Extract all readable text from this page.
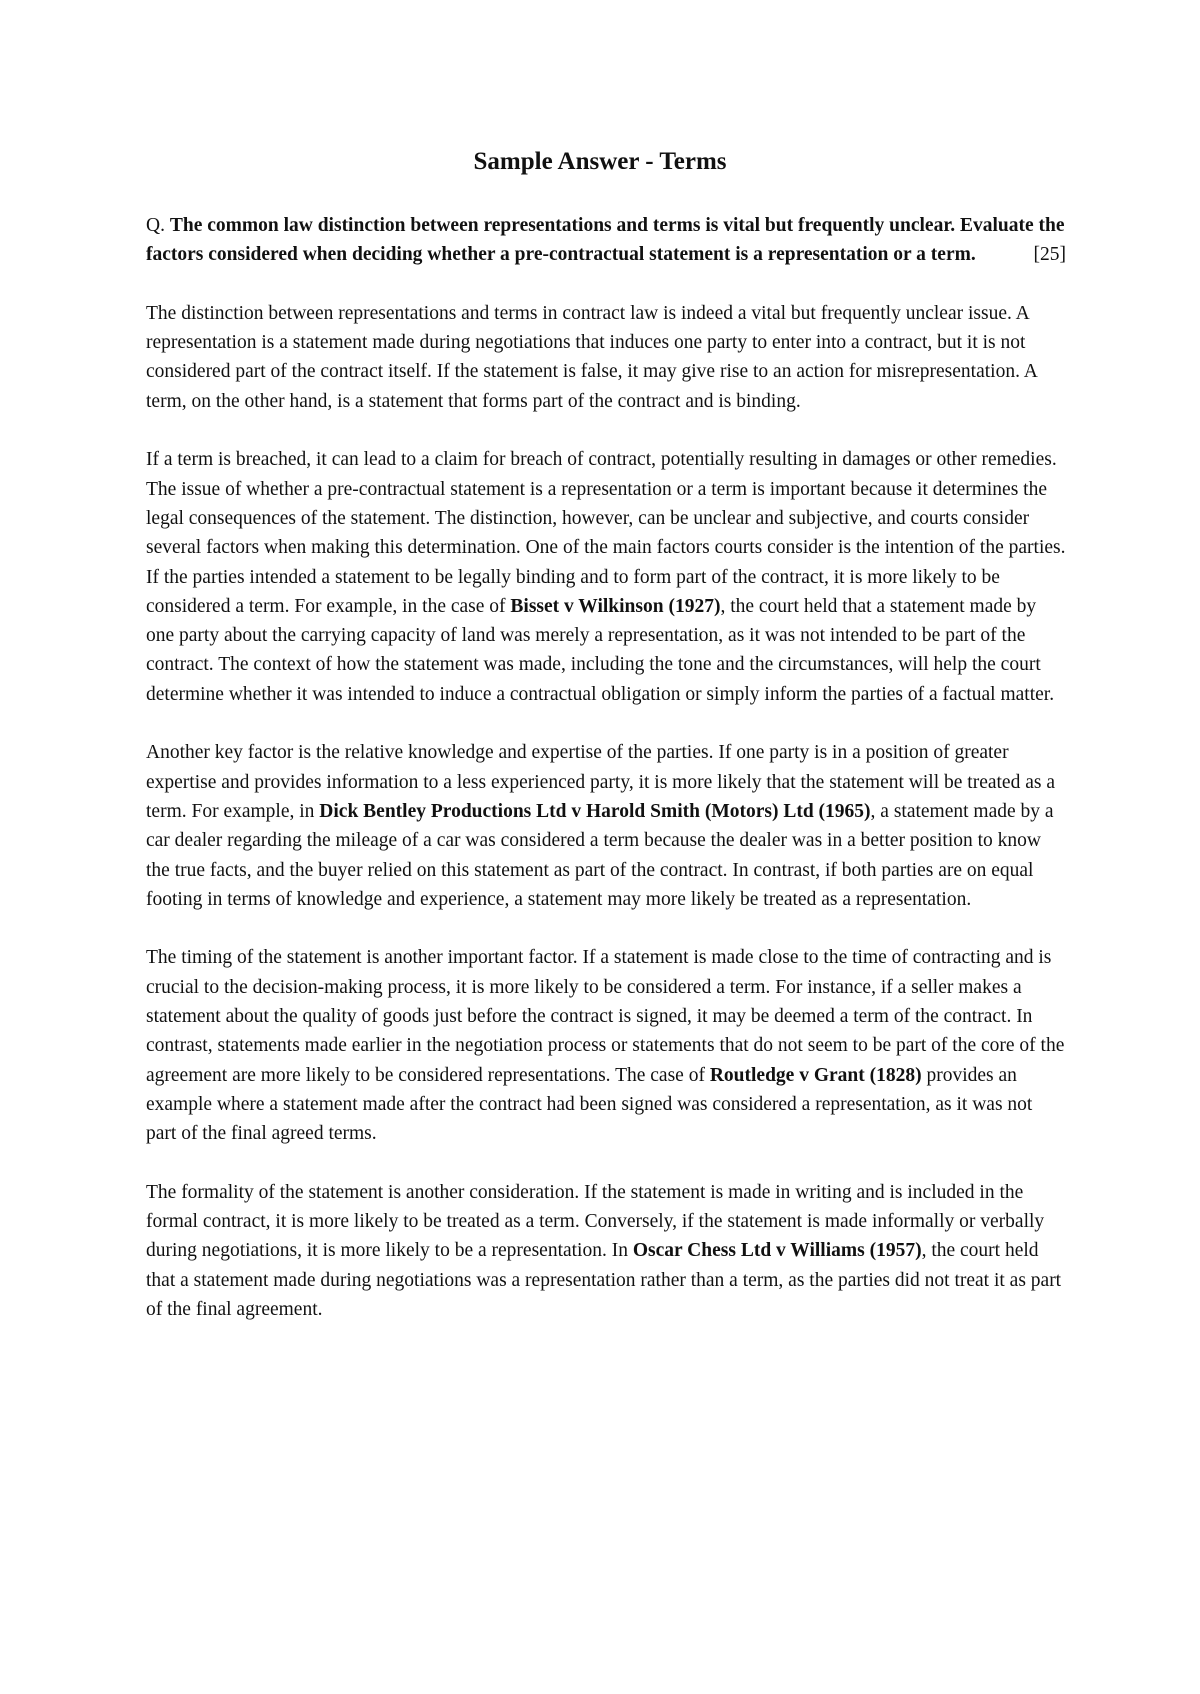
Sample Answer - Terms

Q. The common law distinction between representations and terms is vital but frequently unclear. Evaluate the factors considered when deciding whether a pre-contractual statement is a representation or a term.	[25]

The distinction between representations and terms in contract law is indeed a vital but frequently unclear issue. A representation is a statement made during negotiations that induces one party to enter into a contract, but it is not considered part of the contract itself. If the statement is false, it may give rise to an action for misrepresentation. A term, on the other hand, is a statement that forms part of the contract and is binding.

If a term is breached, it can lead to a claim for breach of contract, potentially resulting in damages or other remedies. The issue of whether a pre-contractual statement is a representation or a term is important because it determines the legal consequences of the statement. The distinction, however, can be unclear and subjective, and courts consider several factors when making this determination. One of the main factors courts consider is the intention of the parties. If the parties intended a statement to be legally binding and to form part of the contract, it is more likely to be considered a term. For example, in the case of Bisset v Wilkinson (1927), the court held that a statement made by one party about the carrying capacity of land was merely a representation, as it was not intended to be part of the contract. The context of how the statement was made, including the tone and the circumstances, will help the court determine whether it was intended to induce a contractual obligation or simply inform the parties of a factual matter.

Another key factor is the relative knowledge and expertise of the parties. If one party is in a position of greater expertise and provides information to a less experienced party, it is more likely that the statement will be treated as a term. For example, in Dick Bentley Productions Ltd v Harold Smith (Motors) Ltd (1965), a statement made by a car dealer regarding the mileage of a car was considered a term because the dealer was in a better position to know the true facts, and the buyer relied on this statement as part of the contract. In contrast, if both parties are on equal footing in terms of knowledge and experience, a statement may more likely be treated as a representation.

The timing of the statement is another important factor. If a statement is made close to the time of contracting and is crucial to the decision-making process, it is more likely to be considered a term. For instance, if a seller makes a statement about the quality of goods just before the contract is signed, it may be deemed a term of the contract. In contrast, statements made earlier in the negotiation process or statements that do not seem to be part of the core of the agreement are more likely to be considered representations. The case of Routledge v Grant (1828) provides an example where a statement made after the contract had been signed was considered a representation, as it was not part of the final agreed terms.

The formality of the statement is another consideration. If the statement is made in writing and is included in the formal contract, it is more likely to be treated as a term. Conversely, if the statement is made informally or verbally during negotiations, it is more likely to be a representation. In Oscar Chess Ltd v Williams (1957), the court held that a statement made during negotiations was a representation rather than a term, as the parties did not treat it as part of the final agreement.
